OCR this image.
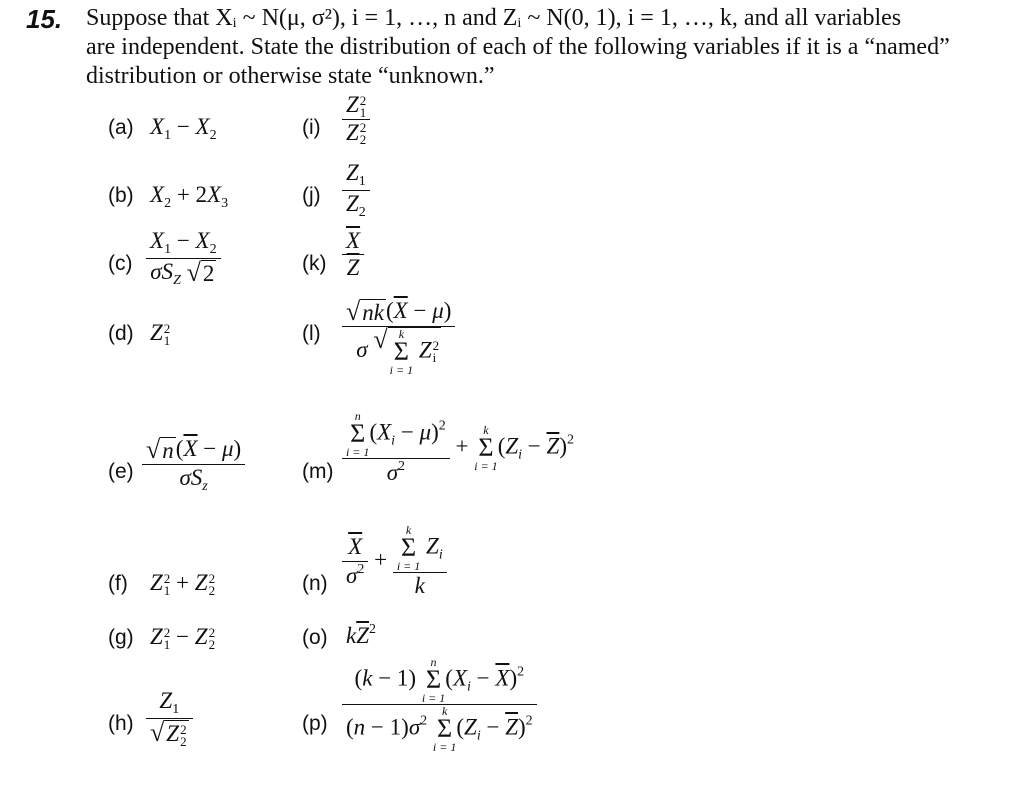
15. Suppose that Xᵢ ~ N(μ, σ²), i = 1, …, n and Zᵢ ~ N(0, 1), i = 1, …, k, and all variables
are independent. State the distribution of each of the following variables if it is a “named”
distribution or otherwise state “unknown.”
(a) $X_1 - X_2$
(b) $X_2 + 2X_3$
$(c) \frac{X_1 - X_2}{\sigma S_Z √ 2}$
(d) Z 2
1
$(e) \frac{√ n (\overline{X} - \mu)}{\sigma S_z}$
(f) Z 2
1 + Z 2
2
(g) Z 2
1 − Z 2
2
(h) $Z_1$
√ Z 2
2
(i) Z 2
1
Z 2
2
$(j) \frac{Z_1}{Z_2}$
$(k) \frac{\overline{X}}{Z}$
(l) √ nk $(\overline{X} - \mu)$
σ √ k
Σ
i = 1
Z 2
i
(m) n
Σ
i = 1
$(X_i - \mu)^2$
$\sigma^2$ +
k
Σ
i = 1
$(Z_i - \overline{Z})^2$
$(n) \frac{\overline{X}}{\sigma^2} + k$
Σ
i = 1
$Z_i$
k
(o) $k\overline{Z}^2$
(p) (k − 1)
n
Σ
i = 1
$(X_i - \overline{X})^2$
$(n - 1)\sigma^2$
k
Σ
i = 1
$(Z_i - \overline{Z})^2$
